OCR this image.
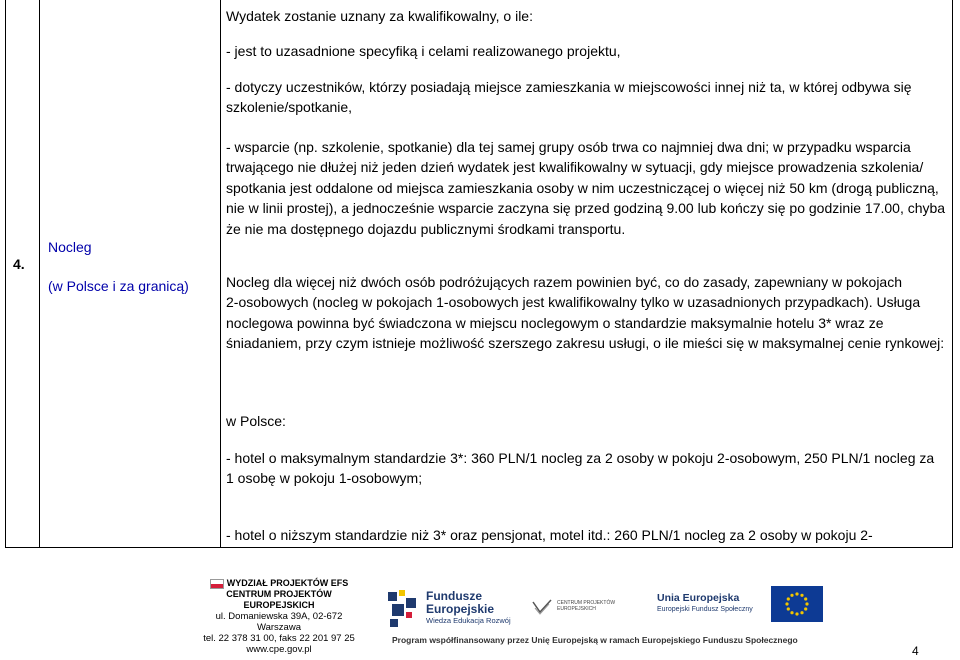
4.
Nocleg
(w Polsce i za granicą)

Wydatek zostanie uznany za kwalifikowalny, o ile:

- jest to uzasadnione specyfiką i celami realizowanego projektu,

- dotyczy uczestników, którzy posiadają miejsce zamieszkania w miejscowości innej niż ta, w której odbywa się szkolenie/spotkanie,

- wsparcie (np. szkolenie, spotkanie) dla tej samej grupy osób trwa co najmniej dwa dni; w przypadku wsparcia trwającego nie dłużej niż jeden dzień wydatek jest kwalifikowalny w sytuacji, gdy miejsce prowadzenia szkolenia/ spotkania jest oddalone od miejsca zamieszkania osoby w nim uczestniczącej o więcej niż 50 km (drogą publiczną, nie w linii prostej), a jednocześnie wsparcie zaczyna się przed godziną 9.00 lub kończy się po godzinie 17.00, chyba że nie ma dostępnego dojazdu publicznymi środkami transportu.

Nocleg dla więcej niż dwóch osób podróżujących razem powinien być, co do zasady, zapewniany w pokojach

2-osobowych (nocleg w pokojach 1-osobowych jest kwalifikowalny tylko w uzasadnionych przypadkach). Usługa noclegowa powinna być świadczona w miejscu noclegowym o standardzie maksymalnie hotelu 3* wraz ze śniadaniem, przy czym istnieje możliwość szerszego zakresu usługi, o ile mieści się w maksymalnej cenie rynkowej:

w Polsce:

- hotel o maksymalnym standardzie 3*: 360 PLN/1 nocleg za 2 osoby w pokoju 2-osobowym, 250 PLN/1 nocleg za

1 osobę w pokoju 1-osobowym;

- hotel o niższym standardzie niż 3* oraz pensjonat, motel itd.: 260 PLN/1 nocleg za 2 osoby w pokoju 2-

WYDZIAŁ PROJEKTÓW EFS
CENTRUM PROJEKTÓW EUROPEJSKICH
ul. Domaniewska 39A, 02-672 Warszawa
tel. 22 378 31 00, faks 22 201 97 25
www.cpe.gov.pl
Fundusze
Europejskie
Wiedza Edukacja Rozwój
CENTRUM PROJEKTÓW
EUROPEJSKICH
Unia Europejska
Europejski Fundusz Społeczny
Program współfinansowany przez Unię Europejską w ramach Europejskiego Funduszu Społecznego
4
